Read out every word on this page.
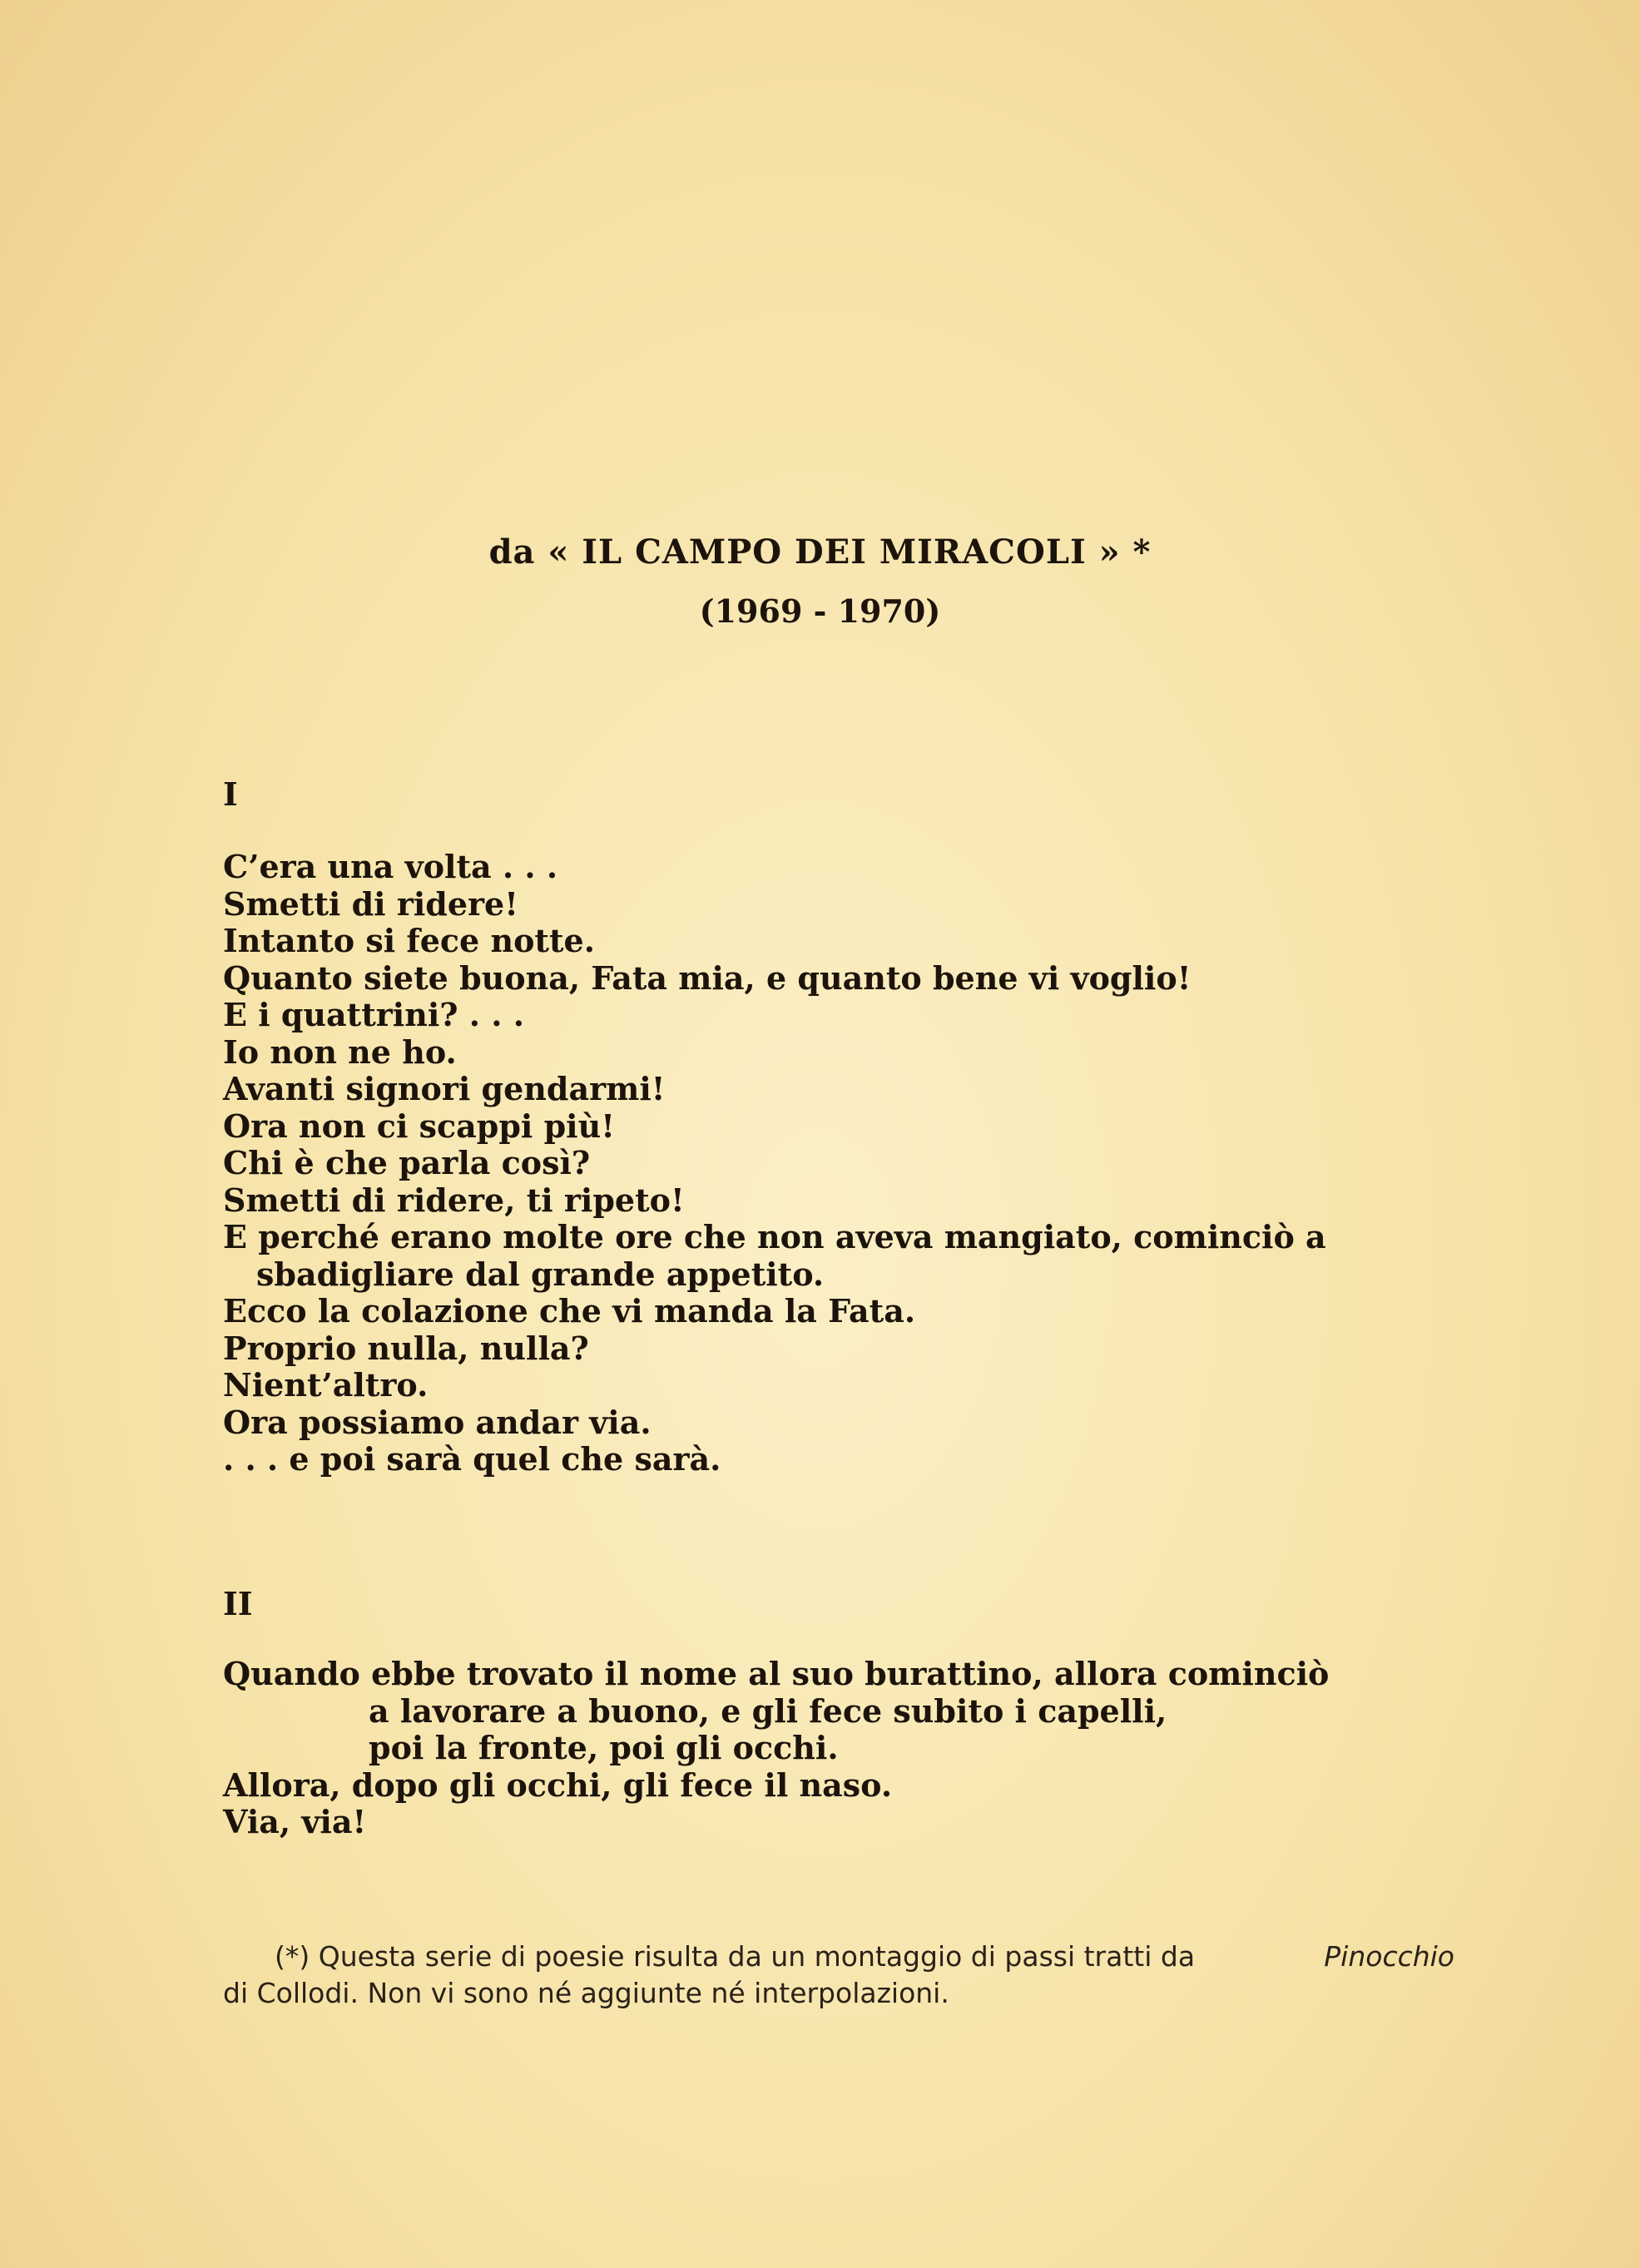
da « IL CAMPO DEI MIRACOLI » *
(1969 - 1970)
I
C’era una volta . . .
Smetti di ridere!
Intanto si fece notte.
Quanto siete buona, Fata mia, e quanto bene vi voglio!
E i quattrini? . . .
Io non ne ho.
Avanti signori gendarmi!
Ora non ci scappi più!
Chi è che parla così?
Smetti di ridere, ti ripeto!
E perché erano molte ore che non aveva mangiato, cominciò a
sbadigliare dal grande appetito.
Ecco la colazione che vi manda la Fata.
Proprio nulla, nulla?
Nient’altro.
Ora possiamo andar via.
. . . e poi sarà quel che sarà.
II
Quando ebbe trovato il nome al suo burattino, allora cominciò
a lavorare a buono, e gli fece subito i capelli,
poi la fronte, poi gli occhi.
Allora, dopo gli occhi, gli fece il naso.
Via, via!
(*) Questa serie di poesie risulta da un montaggio di passi tratti da	Pinocchio
di Collodi. Non vi sono né aggiunte né interpolazioni.
